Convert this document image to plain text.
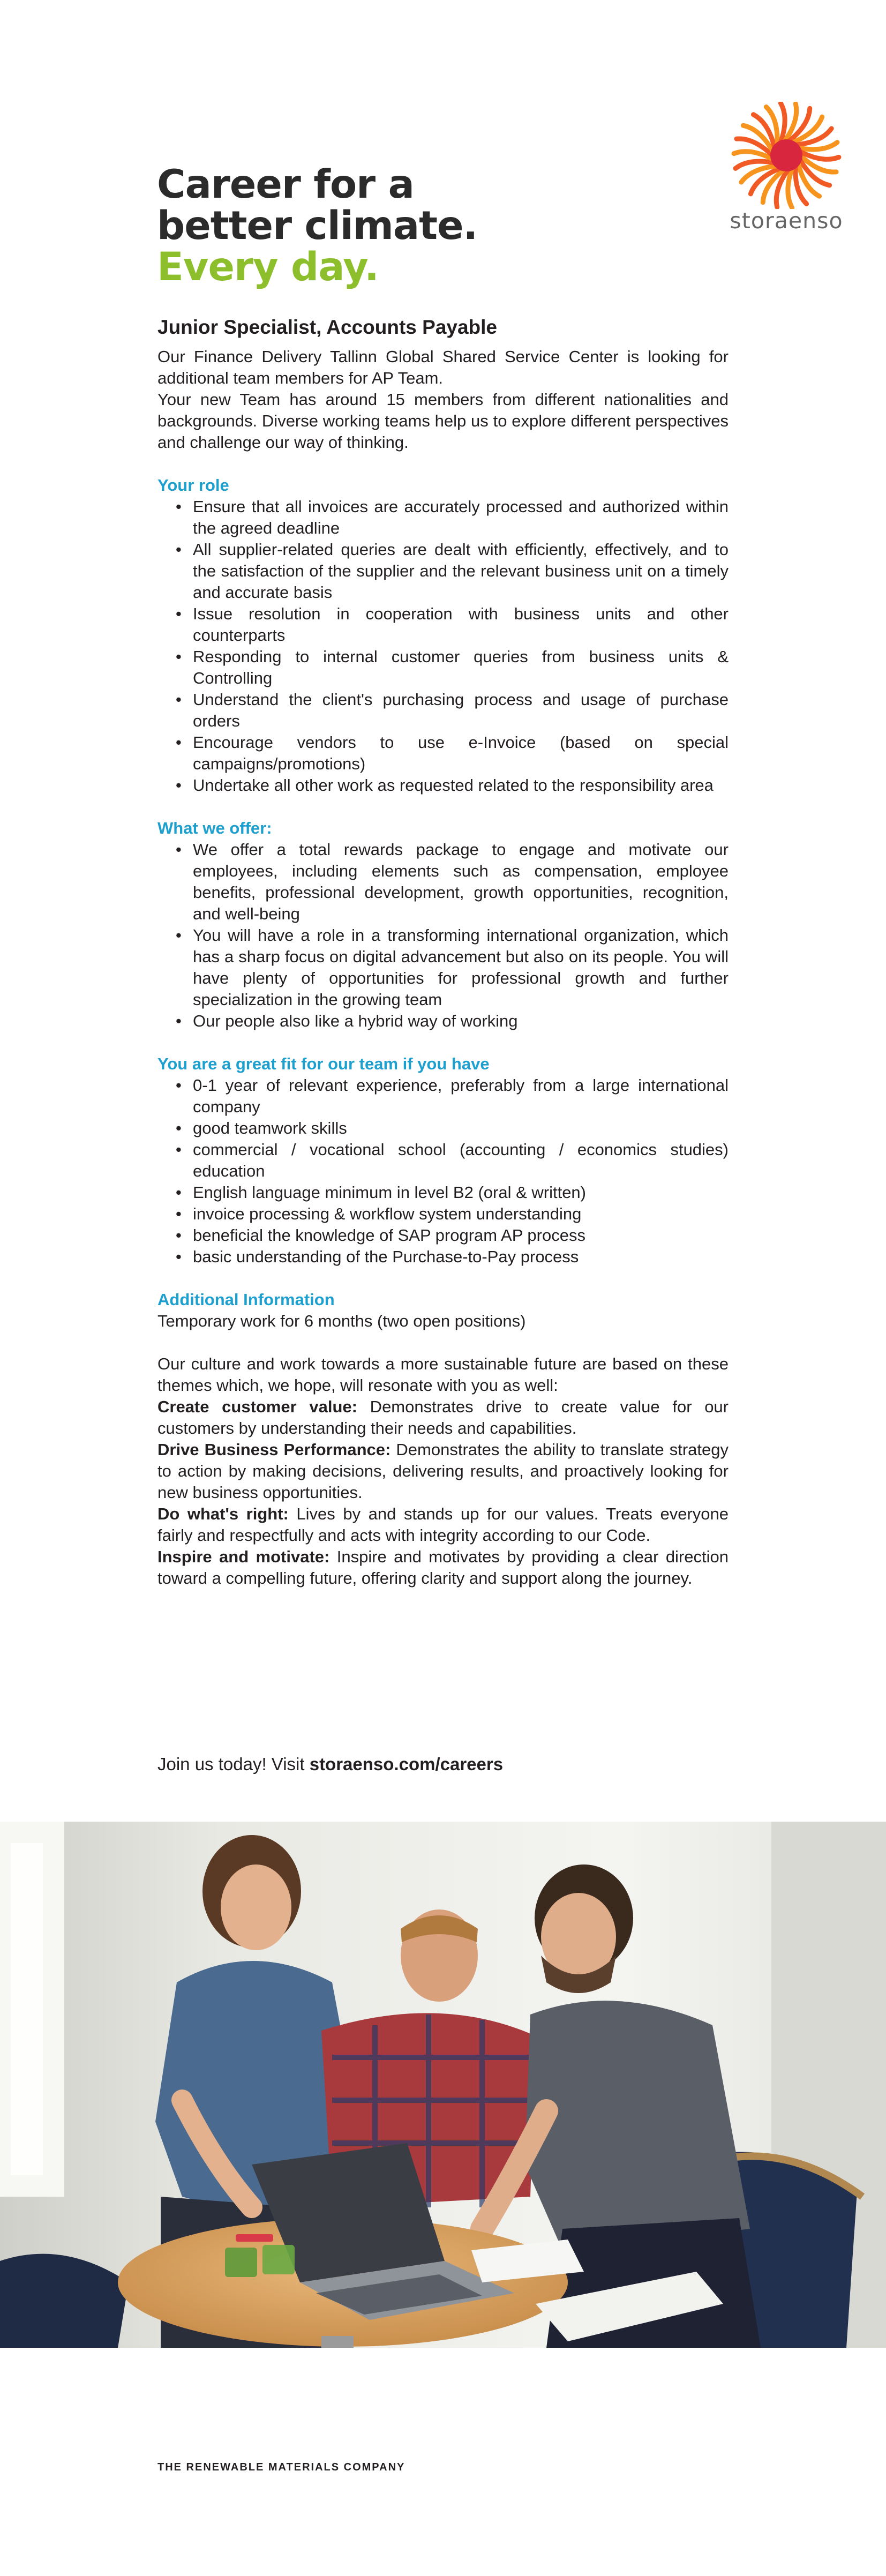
Career for a
better climate.
Every day.
storaenso
Junior Specialist, Accounts Payable

Our Finance Delivery Tallinn Global Shared Service Center is looking for additional team members for AP Team.

Your new Team has around 15 members from different nationalities and backgrounds. Diverse working teams help us to explore different perspectives and challenge our way of thinking.

Your role
• Ensure that all invoices are accurately processed and authorized within the agreed deadline
• All supplier-related queries are dealt with efficiently, effectively, and to the satisfaction of the supplier and the relevant business unit on a timely and accurate basis
• Issue resolution in cooperation with business units and other counterparts
• Responding to internal customer queries from business units & Controlling
• Understand the client's purchasing process and usage of purchase orders
• Encourage vendors to use e-Invoice (based on special campaigns/promotions)
• Undertake all other work as requested related to the responsibility area
What we offer:
• We offer a total rewards package to engage and motivate our employees, including elements such as compensation, employee benefits, professional development, growth opportunities, recognition, and well-being
• You will have a role in a transforming international organization, which has a sharp focus on digital advancement but also on its people. You will have plenty of opportunities for professional growth and further specialization in the growing team
• Our people also like a hybrid way of working
You are a great fit for our team if you have
• 0-1 year of relevant experience, preferably from a large international company
• good teamwork skills
• commercial / vocational school (accounting / economics studies) education
• English language minimum in level B2 (oral & written)
• invoice processing & workflow system understanding
• beneficial the knowledge of SAP program AP process
• basic understanding of the Purchase-to-Pay process
Additional Information

Temporary work for 6 months (two open positions)

Our culture and work towards a more sustainable future are based on these themes which, we hope, will resonate with you as well:

Create customer value: Demonstrates drive to create value for our customers by understanding their needs and capabilities.

Drive Business Performance: Demonstrates the ability to translate strategy to action by making decisions, delivering results, and proactively looking for new business opportunities.

Do what's right: Lives by and stands up for our values. Treats everyone fairly and respectfully and acts with integrity according to our Code.

Inspire and motivate: Inspire and motivates by providing a clear direction toward a compelling future, offering clarity and support along the journey.

Join us today! Visit storaenso.com/careers
THE RENEWABLE MATERIALS COMPANY
